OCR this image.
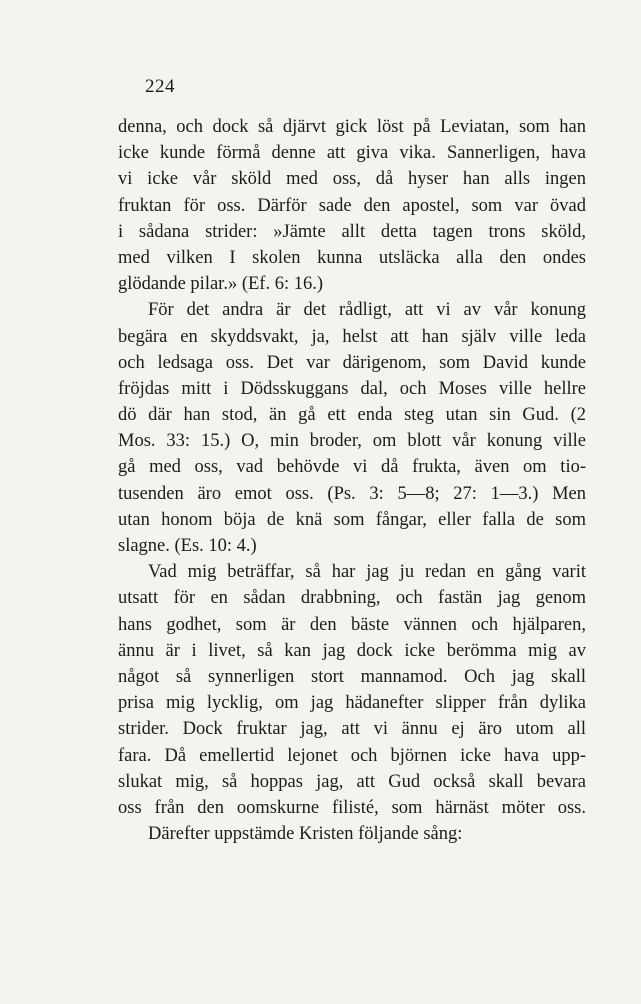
224
denna, och dock så djärvt gick löst på Leviatan, som han
icke kunde förmå denne att giva vika. Sannerligen, hava
vi icke vår sköld med oss, då hyser han alls ingen
fruktan för oss. Därför sade den apostel, som var övad
i sådana strider: »Jämte allt detta tagen trons sköld,
med vilken I skolen kunna utsläcka alla den ondes
glödande pilar.» (Ef. 6: 16.)
För det andra är det rådligt, att vi av vår konung
begära en skyddsvakt, ja, helst att han själv ville leda
och ledsaga oss. Det var därigenom, som David kunde
fröjdas mitt i Dödsskuggans dal, och Moses ville hellre
dö där han stod, än gå ett enda steg utan sin Gud. (2
Mos. 33: 15.) O, min broder, om blott vår konung ville
gå med oss, vad behövde vi då frukta, även om tio-
tusenden äro emot oss. (Ps. 3: 5—8; 27: 1—3.) Men
utan honom böja de knä som fångar, eller falla de som
slagne. (Es. 10: 4.)
Vad mig beträffar, så har jag ju redan en gång varit
utsatt för en sådan drabbning, och fastän jag genom
hans godhet, som är den bäste vännen och hjälparen,
ännu är i livet, så kan jag dock icke berömma mig av
något så synnerligen stort mannamod. Och jag skall
prisa mig lycklig, om jag hädanefter slipper från dylika
strider. Dock fruktar jag, att vi ännu ej äro utom all
fara. Då emellertid lejonet och björnen icke hava upp-
slukat mig, så hoppas jag, att Gud också skall bevara
oss från den oomskurne filisté, som härnäst möter oss.
Därefter uppstämde Kristen följande sång:
